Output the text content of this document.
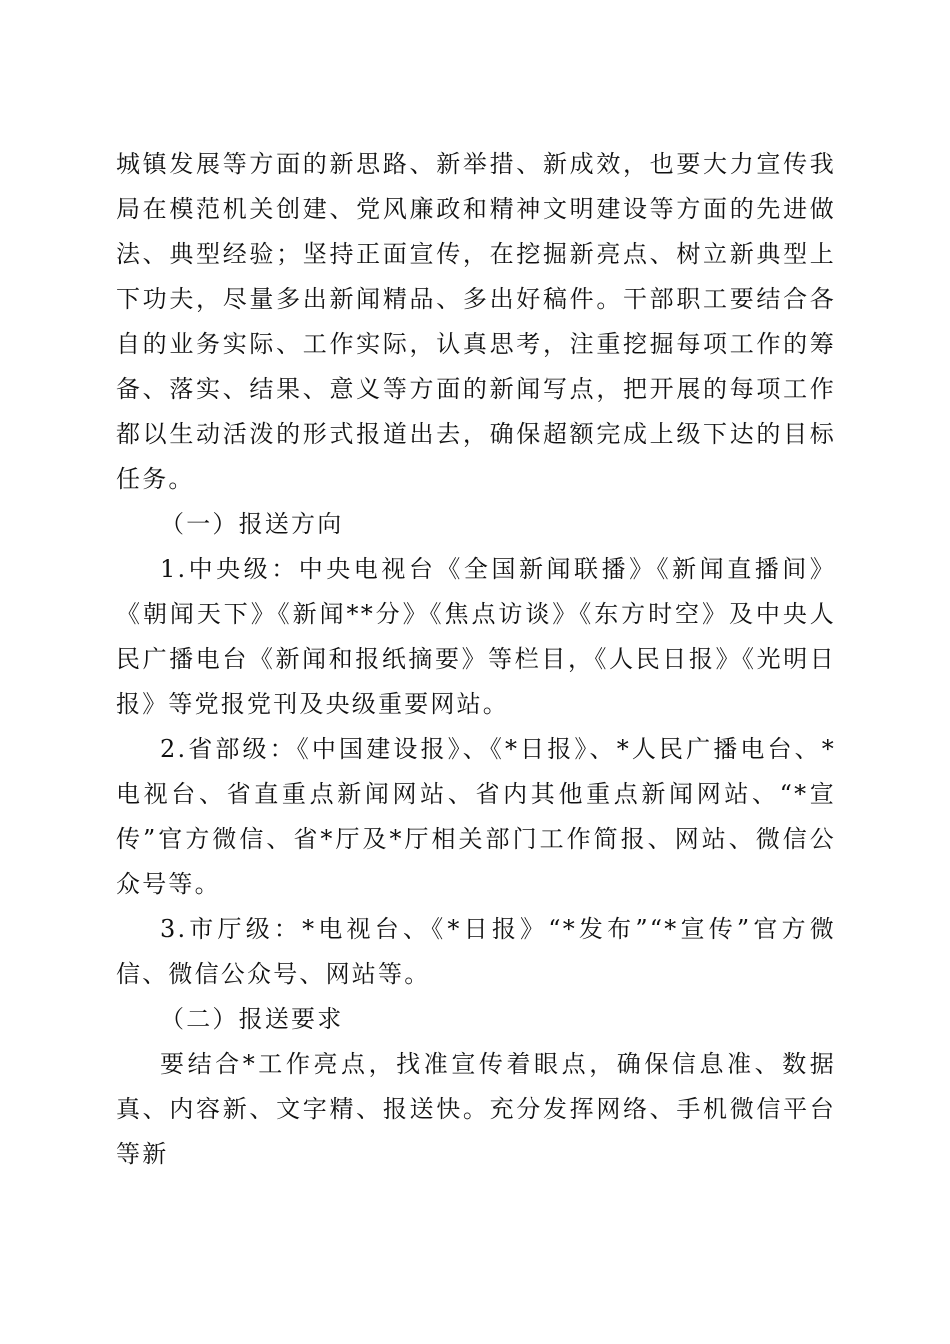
城镇发展等方面的新思路、新举措、新成效，也要大力宣传我局在模范机关创建、党风廉政和精神文明建设等方面的先进做法、典型经验；坚持正面宣传，在挖掘新亮点、树立新典型上下功夫，尽量多出新闻精品、多出好稿件。干部职工要结合各自的业务实际、工作实际，认真思考，注重挖掘每项工作的筹备、落实、结果、意义等方面的新闻写点，把开展的每项工作都以生动活泼的形式报道出去，确保超额完成上级下达的目标任务。

（一）报送方向

1.中央级：中央电视台《全国新闻联播》《新闻直播间》《朝闻天下》《新闻**分》《焦点访谈》《东方时空》及中央人民广播电台《新闻和报纸摘要》等栏目，《人民日报》《光明日报》等党报党刊及央级重要网站。

2.省部级：《中国建设报》、《*日报》、*人民广播电台、*电视台、省直重点新闻网站、省内其他重点新闻网站、“*宣传”官方微信、省*厅及*厅相关部门工作简报、网站、微信公众号等。

3.市厅级：*电视台、《*日报》“*发布”“*宣传”官方微信、微信公众号、网站等。

（二）报送要求

要结合*工作亮点，找准宣传着眼点，确保信息准、数据真、内容新、文字精、报送快。充分发挥网络、手机微信平台等新
